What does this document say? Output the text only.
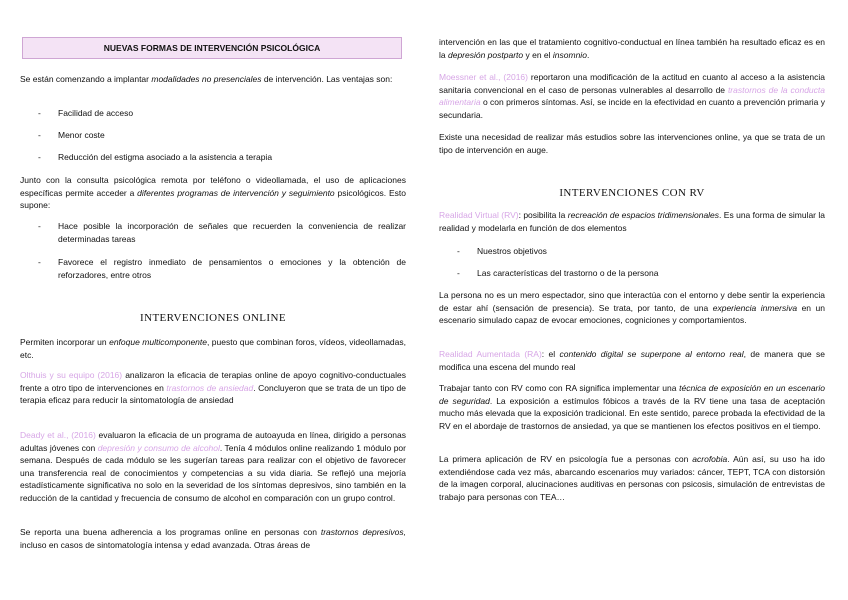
NUEVAS FORMAS DE INTERVENCIÓN PSICOLÓGICA

Se están comenzando a implantar modalidades no presenciales de intervención. Las ventajas son:

-	Facilidad de acceso
-	Menor coste
-	Reducción del estigma asociado a la asistencia a terapia

Junto con la consulta psicológica remota por teléfono o videollamada, el uso de aplicaciones específicas permite acceder a diferentes programas de intervención y seguimiento psicológicos. Esto supone:

-	Hace posible la incorporación de señales que recuerden la conveniencia de realizar determinadas tareas
-	Favorece el registro inmediato de pensamientos o emociones y la obtención de reforzadores, entre otros
INTERVENCIONES ONLINE

Permiten incorporar un enfoque multicomponente, puesto que combinan foros, vídeos, videollamadas, etc.

Olthuis y su equipo (2016) analizaron la eficacia de terapias online de apoyo cognitivo-conductuales frente a otro tipo de intervenciones en trastornos de ansiedad. Concluyeron que se trata de un tipo de terapia eficaz para reducir la sintomatología de ansiedad

Deady et al., (2016) evaluaron la eficacia de un programa de autoayuda en línea, dirigido a personas adultas jóvenes con depresión y consumo de alcohol. Tenía 4 módulos online realizando 1 módulo por semana. Después de cada módulo se les sugerían tareas para realizar con el objetivo de favorecer una transferencia real de conocimientos y competencias a su vida diaria. Se reflejó una mejoría estadísticamente significativa no solo en la severidad de los síntomas depresivos, sino también en la reducción de la cantidad y frecuencia de consumo de alcohol en comparación con un grupo control.

Se reporta una buena adherencia a los programas online en personas con trastornos depresivos, incluso en casos de sintomatología intensa y edad avanzada. Otras áreas de

intervención en las que el tratamiento cognitivo-conductual en línea también ha resultado eficaz es en la depresión postparto y en el insomnio.

Moessner et al., (2016) reportaron una modificación de la actitud en cuanto al acceso a la asistencia sanitaria convencional en el caso de personas vulnerables al desarrollo de trastornos de la conducta alimentaria o con primeros síntomas. Así, se incide en la efectividad en cuanto a prevención primaria y secundaria.

Existe una necesidad de realizar más estudios sobre las intervenciones online, ya que se trata de un tipo de intervención en auge.

INTERVENCIONES CON RV

Realidad Virtual (RV): posibilita la recreación de espacios tridimensionales. Es una forma de simular la realidad y modelarla en función de dos elementos

-	Nuestros objetivos
-	Las características del trastorno o de la persona

La persona no es un mero espectador, sino que interactúa con el entorno y debe sentir la experiencia de estar ahí (sensación de presencia). Se trata, por tanto, de una experiencia inmersiva en un escenario simulado capaz de evocar emociones, cogniciones y comportamientos.

Realidad Aumentada (RA): el contenido digital se superpone al entorno real, de manera que se modifica una escena del mundo real

Trabajar tanto con RV como con RA significa implementar una técnica de exposición en un escenario de seguridad. La exposición a estímulos fóbicos a través de la RV tiene una tasa de aceptación mucho más elevada que la exposición tradicional. En este sentido, parece probada la efectividad de la RV en el abordaje de trastornos de ansiedad, ya que se mantienen los efectos positivos en el tiempo.

La primera aplicación de RV en psicología fue a personas con acrofobia. Aún así, su uso ha ido extendiéndose cada vez más, abarcando escenarios muy variados: cáncer, TEPT, TCA con distorsión de la imagen corporal, alucinaciones auditivas en personas con psicosis, simulación de entrevistas de trabajo para personas con TEA…
